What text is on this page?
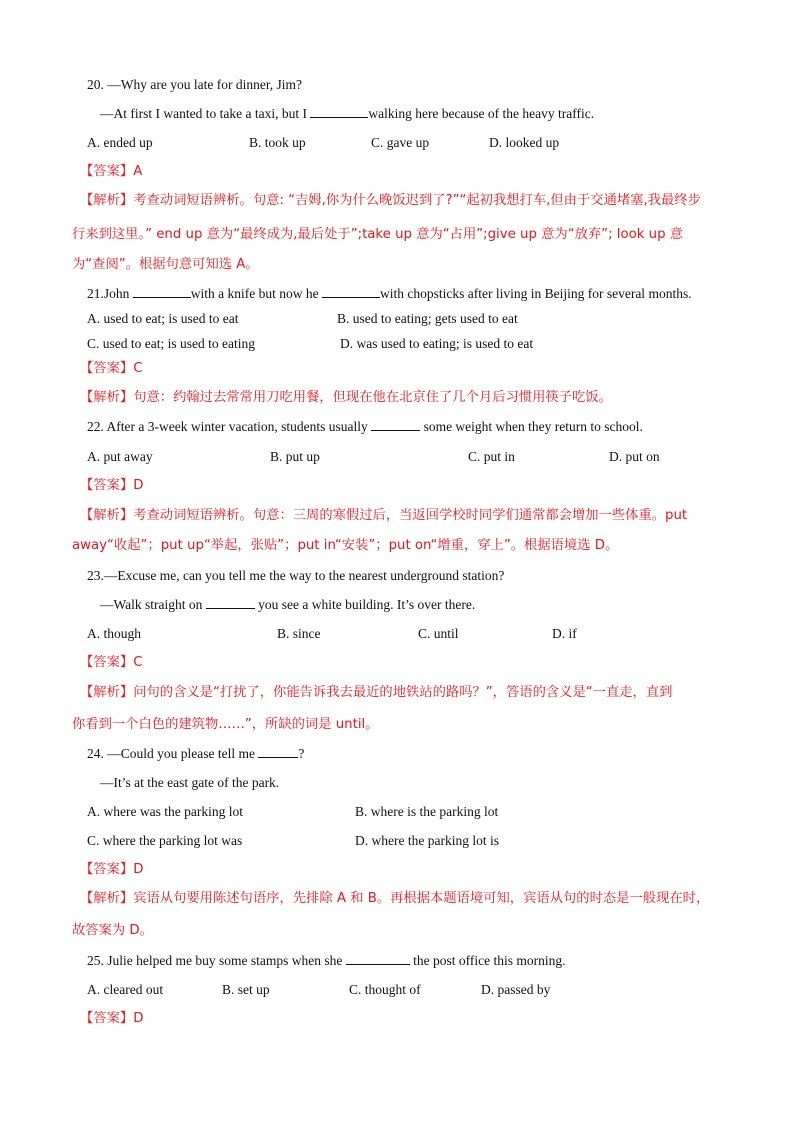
20. —Why are you late for dinner, Jim?
—At first I wanted to take a taxi, but I	walking here because of the heavy traffic.
A. ended up	B. took up	C. gave up	D. looked up
【答案】A
【解析】考查动词短语辨析。句意: “吉姆,你为什么晚饭迟到了?”“起初我想打车,但由于交通堵塞,我最终步
行来到这里。” end up 意为“最终成为,最后处于”;take up 意为“占用”;give up 意为“放弃”; look up 意
为“查阅”。根据句意可知选 A。
21.John	with a knife but now he	with chopsticks after living in Beijing for several months.
A. used to eat; is used to eat	B. used to eating; gets used to eat
C. used to eat; is used to eating	D. was used to eating; is used to eat
【答案】C
【解析】句意：约翰过去常常用刀吃用餐，但现在他在北京住了几个月后习惯用筷子吃饭。
22. After a 3-week winter vacation, students usually	some weight when they return to school.
A. put away	B. put up	C. put in	D. put on
【答案】D
【解析】考查动词短语辨析。句意：三周的寒假过后，当返回学校时同学们通常都会增加一些体重。put
away“收起”；put up“举起，张贴”；put in“安装”；put on“增重，穿上”。根据语境选 D。
23.—Excuse me, can you tell me the way to the nearest underground station?
—Walk straight on	you see a white building. It’s over there.
A. though	B. since	C. until	D. if
【答案】C
【解析】问句的含义是“打扰了，你能告诉我去最近的地铁站的路吗？”，答语的含义是“一直走，直到
你看到一个白色的建筑物……”，所缺的词是 until。
24. —Could you please tell me	?
—It’s at the east gate of the park.
A. where was the parking lot	B. where is the parking lot
C. where the parking lot was	D. where the parking lot is
【答案】D
【解析】宾语从句要用陈述句语序，先排除 A 和 B。再根据本题语境可知，宾语从句的时态是一般现在时，
故答案为 D。
25. Julie helped me buy some stamps when she	the post office this morning.
A. cleared out	B. set up	C. thought of	D. passed by
【答案】D
